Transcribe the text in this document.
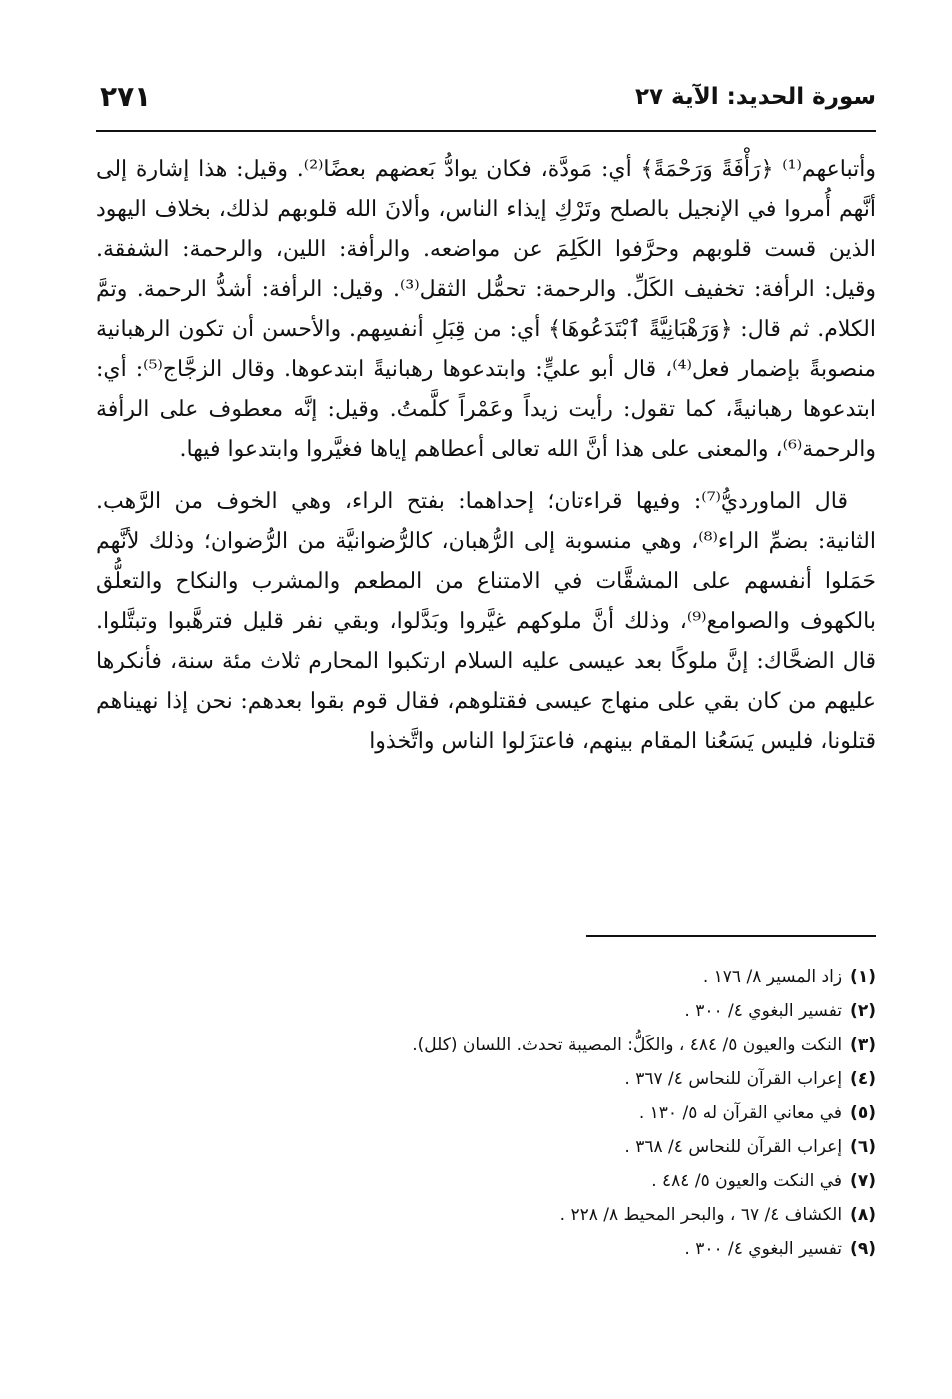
سورة الحديد: الآية ٢٧
٢٧١

وأتباعهم⁽¹⁾ ﴿رَأْفَةً وَرَحْمَةً﴾ أي: مَودَّة، فكان يوادُّ بَعضهم بعضًا⁽²⁾. وقيل: هذا إشارة إلى أنَّهم أُمروا في الإنجيل بالصلح وتَرْكِ إيذاء الناس، وألانَ الله قلوبهم لذلك، بخلاف اليهود الذين قست قلوبهم وحرَّفوا الكَلِمَ عن مواضعه. والرأفة: اللين، والرحمة: الشفقة. وقيل: الرأفة: تخفيف الكَلِّ. والرحمة: تحمُّل الثقل⁽³⁾. وقيل: الرأفة: أشدُّ الرحمة. وتمَّ الكلام. ثم قال: ﴿وَرَهْبَانِيَّةً ٱبْتَدَعُوهَا﴾ أي: من قِبَلِ أنفسِهم. والأحسن أن تكون الرهبانية منصوبةً بإضمار فعل⁽⁴⁾، قال أبو عليٍّ: وابتدعوها رهبانيةً ابتدعوها. وقال الزجَّاج⁽⁵⁾: أي: ابتدعوها رهبانيةً، كما تقول: رأيت زيداً وعَمْراً كلَّمتُ. وقيل: إنَّه معطوف على الرأفة والرحمة⁽⁶⁾، والمعنى على هذا أنَّ الله تعالى أعطاهم إياها فغيَّروا وابتدعوا فيها.

قال الماورديُّ⁽⁷⁾: وفيها قراءتان؛ إحداهما: بفتح الراء، وهي الخوف من الرَّهب. الثانية: بضمِّ الراء⁽⁸⁾، وهي منسوبة إلى الرُّهبان، كالرُّضوانيَّة من الرُّضوان؛ وذلك لأنَّهم حَمَلوا أنفسهم على المشقَّات في الامتناع من المطعم والمشرب والنكاح والتعلُّق بالكهوف والصوامع⁽⁹⁾، وذلك أنَّ ملوكهم غيَّروا وبَدَّلوا، وبقي نفر قليل فترهَّبوا وتبتَّلوا. قال الضحَّاك: إنَّ ملوكًا بعد عيسى عليه السلام ارتكبوا المحارم ثلاث مئة سنة، فأنكرها عليهم من كان بقي على منهاج عيسى فقتلوهم، فقال قوم بقوا بعدهم: نحن إذا نهيناهم قتلونا، فليس يَسَعُنا المقام بينهم، فاعتزَلوا الناس واتَّخذوا

(١)زاد المسير ٨/ ١٧٦ .
(٢)تفسير البغوي ٤/ ٣٠٠ .
(٣)النكت والعيون ٥/ ٤٨٤ ، والكَلُّ: المصيبة تحدث. اللسان (كلل).
(٤)إعراب القرآن للنحاس ٤/ ٣٦٧ .
(٥)في معاني القرآن له ٥/ ١٣٠ .
(٦)إعراب القرآن للنحاس ٤/ ٣٦٨ .
(٧)في النكت والعيون ٥/ ٤٨٤ .
(٨)الكشاف ٤/ ٦٧ ، والبحر المحيط ٨/ ٢٢٨ .
(٩)تفسير البغوي ٤/ ٣٠٠ .
